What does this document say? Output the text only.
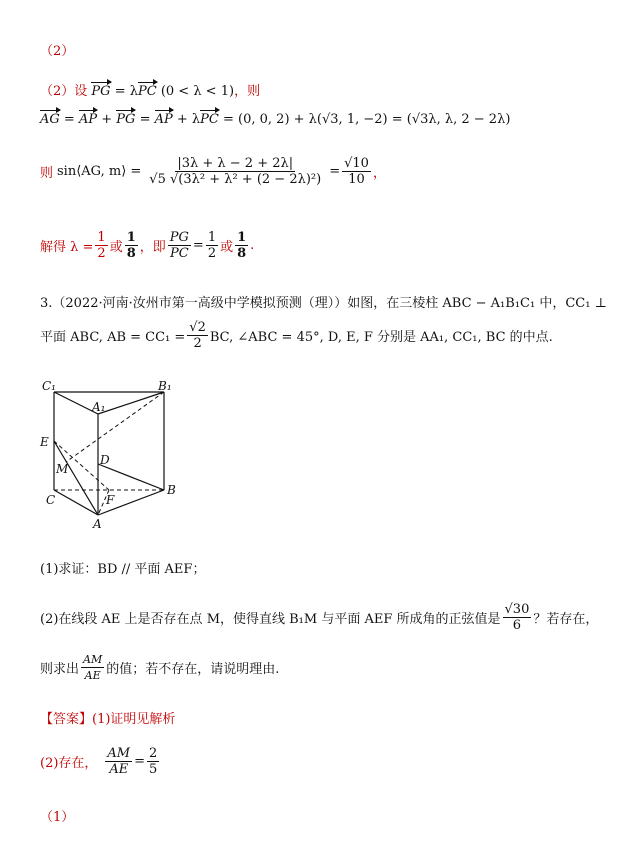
（2）
（2）设 PG = λPC (0 < λ < 1)，则
AG = AP + PG = AP + λPC = (0, 0, 2) + λ(√3, 1, −2) = (√3λ, λ, 2 − 2λ)
则 sin⟨AG, m⟩ = $\frac{|3\lambda + \lambda - 2 + 2\lambda|}{\text{√5 √(3λ² + λ² + (2 − 2λ)²)}} = \frac{√10}{10}$ ，
解得 $\lambda = \frac{1}{2}$ 或 $\frac{1}{8}$ ，即 $\frac{PG}{PC} = \frac{1}{2}$ 或 $\frac{1}{8}$ .
3.（2022·河南·汝州市第一高级中学模拟预测（理））如图，在三棱柱 ABC − A₁B₁C₁ 中，CC₁ ⊥
平面 ABC, AB = $CC_1 = \frac{√2}{2}$ BC, ∠ABC = 45°, D, E, F 分别是 AA₁, CC₁, BC 的中点.
C₁	B₁
A₁
E
D
M
C	F
B
A
(1)求证：BD // 平面 AEF；
(2)在线段 AE 上是否存在点 M，使得直线 B₁M 与平面 AEF 所成角的正弦值是 $\frac{√30}{6}$ ？若存在，
则求出 $\frac{AM}{AE}$ 的值；若不存在，请说明理由.
【答案】(1)证明见解析
(2)存在， $\frac{AM}{AE} = \frac{2}{5}$
（1）
